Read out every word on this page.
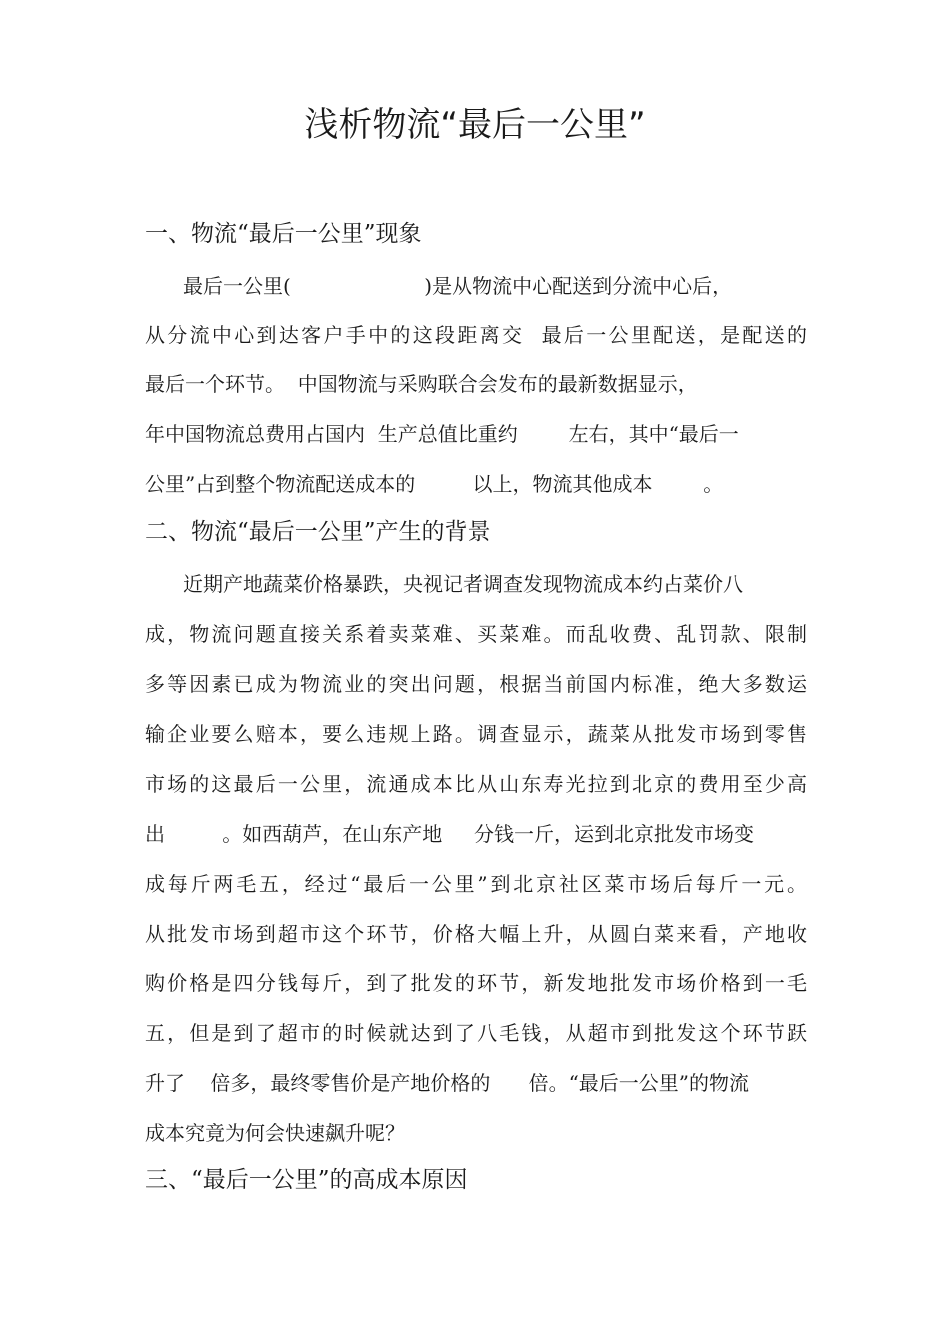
浅析物流“最后一公里”
一、物流“最后一公里”现象
最后一公里(                     )是从物流中心配送到分流中心后，
从分流中心到达客户手中的这段距离交  最后一公里配送，是配送的
最后一个环节。  中国物流与采购联合会发布的最新数据显示，
年中国物流总费用占国内  生产总值比重约        左右，其中“最后一
公里”占到整个物流配送成本的         以上，物流其他成本        。
二、物流“最后一公里”产生的背景
近期产地蔬菜价格暴跌，央视记者调查发现物流成本约占菜价八
成，物流问题直接关系着卖菜难、买菜难。而乱收费、乱罚款、限制
多等因素已成为物流业的突出问题，根据当前国内标准，绝大多数运
输企业要么赔本，要么违规上路。调查显示，蔬菜从批发市场到零售
市场的这最后一公里，流通成本比从山东寿光拉到北京的费用至少高
出         。如西葫芦，在山东产地     分钱一斤，运到北京批发市场变
成每斤两毛五，经过“最后一公里”到北京社区菜市场后每斤一元。
从批发市场到超市这个环节，价格大幅上升，从圆白菜来看，产地收
购价格是四分钱每斤，到了批发的环节，新发地批发市场价格到一毛
五，但是到了超市的时候就达到了八毛钱，从超市到批发这个环节跃
升了    倍多，最终零售价是产地价格的      倍。“最后一公里”的物流
成本究竟为何会快速飙升呢？
三、“最后一公里”的高成本原因
